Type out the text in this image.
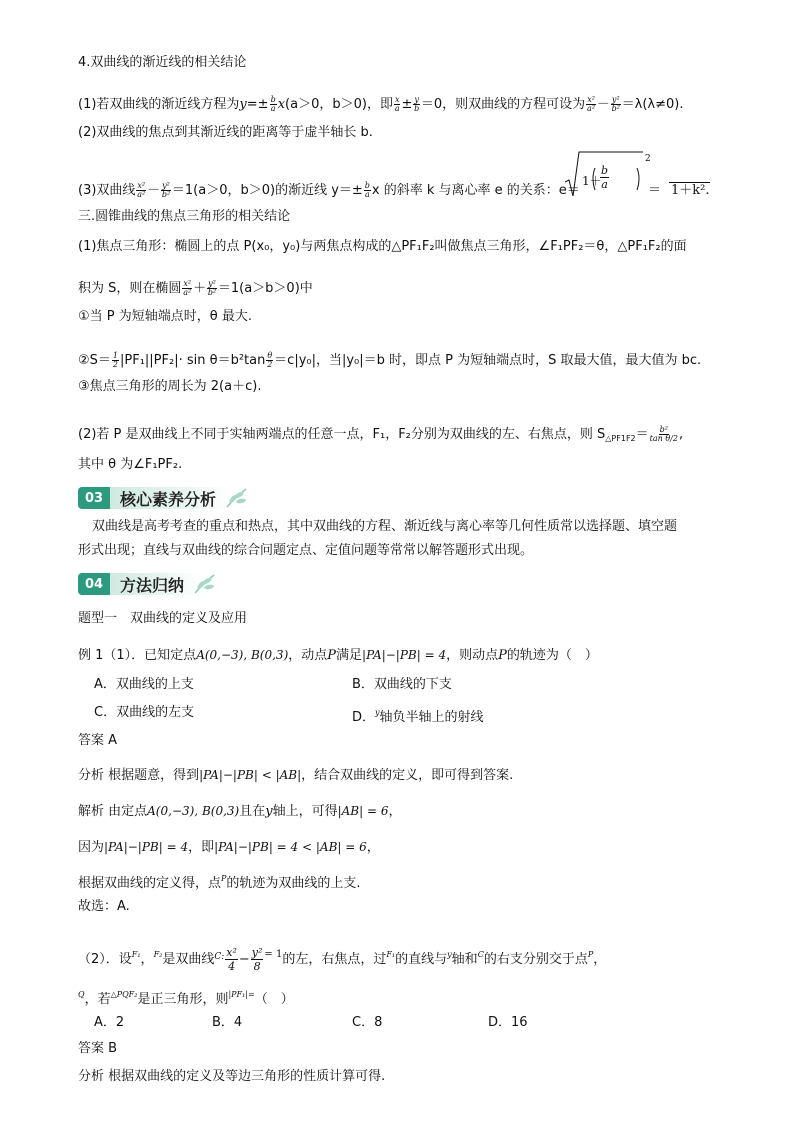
4.双曲线的渐近线的相关结论
(1)若双曲线的渐近线方程为$y=\pm \frac{b}{a} x(a>0$，b＞0)，即 $\frac{x}{a} \pm \frac{y}{b} =0$，则双曲线的方程可设为 $\frac{\text{x²}}{\text{a²}} - \frac{\text{y²}}{\text{b²}} =\lambda(\lambda\ne 0)$.
(2)双曲线的焦点到其渐近线的距离等于虚半轴长 b.
(3)双曲线 $\frac{\text{x²}}{\text{a²}} - \frac{\text{y²}}{\text{b²}} =1(a>0$，b＞0)的渐近线 $y=\pm \frac{b}{a}$ x 的斜率 k 与离心率 e 的关系：e＝
1＋
$\frac{b}{a}$
2
＝ 1＋k².
三.圆锥曲线的焦点三角形的相关结论
(1)焦点三角形：椭圆上的点 P(x₀，y₀)与两焦点构成的△PF₁F₂叫做焦点三角形，∠F₁PF₂＝θ，△PF₁F₂的面
积为 S，则在椭圆 $\frac{\text{x²}}{\text{a²}} + \frac{\text{y²}}{\text{b²}} =1(a>b>0)$中
①当 P 为短轴端点时，θ 最大.
②S＝ $\frac{1}{2} |PF_1||PF_2|\cdot \sin \theta=b^2\tan \frac{\theta}{2} =c|y_0|$，当|y₀|＝b 时，即点 P 为短轴端点时，S 取最大值，最大值为 bc.
③焦点三角形的周长为 2(a＋c).
(2)若 P 是双曲线上不同于实轴两端点的任意一点，F₁，F₂分别为双曲线的左、右焦点，则 $S_{\triangle PF1F2}= \frac{\text{b²}}{\text{tan θ/2}}$ ,
其中 θ 为∠F₁PF₂.
03	核心素养分析
双曲线是高考考查的重点和热点，其中双曲线的方程、渐近线与离心率等几何性质常以选择题、填空题
形式出现；直线与双曲线的综合问题定点、定值问题等常常以解答题形式出现。
04	方法归纳
题型一　双曲线的定义及应用
例 1（1）．已知定点A(0,−3), B(0,3)，动点P满足|PA|−|PB| = 4，则动点P的轨迹为（　）
A．双曲线的上支	B．双曲线的下支
C．双曲线的左支	D．$^y$轴负半轴上的射线
答案 A
分析 根据题意，得到|PA|−|PB| < |AB|，结合双曲线的定义，即可得到答案.
解析 由定点A(0,−3), B(0,3)且在y轴上，可得|AB| = 6，
因为|PA|−|PB| = 4，即|PA|−|PB| = 4 < |AB| = 6，
根据双曲线的定义得，点$^P$的轨迹为双曲线的上支.
故选：A.
（2）．设$^{F_1}$，$^{F_2}$是双曲线$^{C:} \frac{\text{x²}}{4} - \frac{\text{y²}}{8} ^{= 1}$的左，右焦点，过$^{F_1}$的直线与$^y$轴和$^C$的右支分别交于点$^P$，
$^Q$，若$^{\triangle PQF_2}$是正三角形，则$^{|PF_1|=}$（　）
A．2	B．4	C．8	D．16
答案 B
分析 根据双曲线的定义及等边三角形的性质计算可得.
